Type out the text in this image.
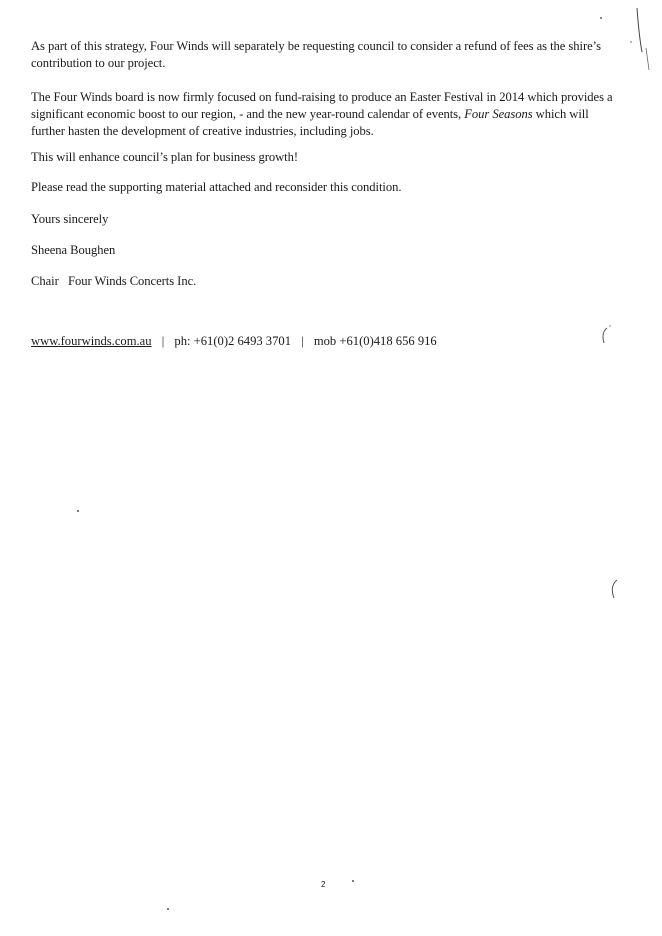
As part of this strategy, Four Winds will separately be requesting council to consider a refund of fees as the shire’s contribution to our project.

The Four Winds board is now firmly focused on fund-raising to produce an Easter Festival in 2014 which provides a significant economic boost to our region, - and the new year-round calendar of events, Four Seasons which will further hasten the development of creative industries, including jobs.

This will enhance council’s plan for business growth!

Please read the supporting material attached and reconsider this condition.

Yours sincerely

Sheena Boughen

Chair   Four Winds Concerts Inc.

www.fourwinds.com.au | ph: +61(0)2 6493 3701 | mob +61(0)418 656 916
2
